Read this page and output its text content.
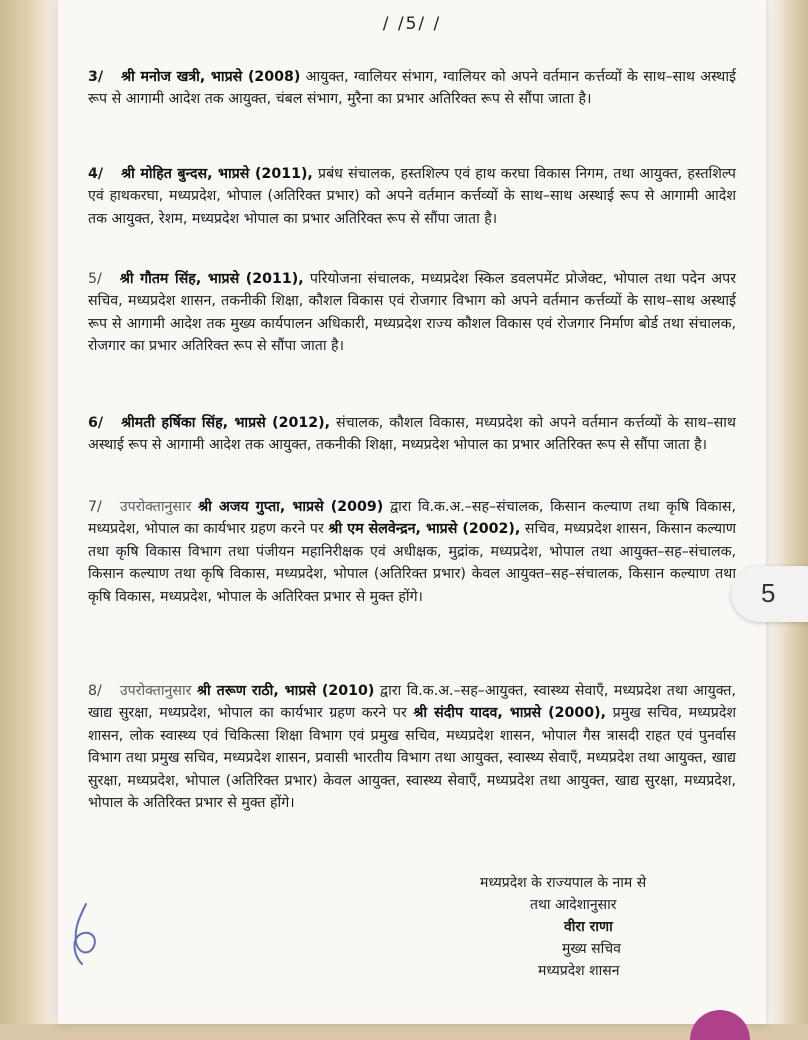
/ /5/ /
3/ श्री मनोज खत्री, भाप्रसे (2008) आयुक्त, ग्वालियर संभाग, ग्वालियर को अपने वर्तमान कर्त्तव्यों के साथ–साथ अस्थाई रूप से आगामी आदेश तक आयुक्त, चंबल संभाग, मुरैना का प्रभार अतिरिक्त रूप से सौंपा जाता है।
4/ श्री मोहित बुन्दस, भाप्रसे (2011), प्रबंध संचालक, हस्तशिल्प एवं हाथ करघा विकास निगम, तथा आयुक्त, हस्तशिल्प एवं हाथकरघा, मध्यप्रदेश, भोपाल (अतिरिक्त प्रभार) को अपने वर्तमान कर्त्तव्यों के साथ–साथ अस्थाई रूप से आगामी आदेश तक आयुक्त, रेशम, मध्यप्रदेश भोपाल का प्रभार अतिरिक्त रूप से सौंपा जाता है।
5/ श्री गौतम सिंह, भाप्रसे (2011), परियोजना संचालक, मध्यप्रदेश स्किल डवलपमेंट प्रोजेक्ट, भोपाल तथा पदेन अपर सचिव, मध्यप्रदेश शासन, तकनीकी शिक्षा, कौशल विकास एवं रोजगार विभाग को अपने वर्तमान कर्त्तव्यों के साथ–साथ अस्थाई रूप से आगामी आदेश तक मुख्य कार्यपालन अधिकारी, मध्यप्रदेश राज्य कौशल विकास एवं रोजगार निर्माण बोर्ड तथा संचालक, रोजगार का प्रभार अतिरिक्त रूप से सौंपा जाता है।
6/ श्रीमती हर्षिका सिंह, भाप्रसे (2012), संचालक, कौशल विकास, मध्यप्रदेश को अपने वर्तमान कर्त्तव्यों के साथ–साथ अस्थाई रूप से आगामी आदेश तक आयुक्त, तकनीकी शिक्षा, मध्यप्रदेश भोपाल का प्रभार अतिरिक्त रूप से सौंपा जाता है।
7/ उपरोक्तानुसार श्री अजय गुप्ता, भाप्रसे (2009) द्वारा वि.क.अ.–सह–संचालक, किसान कल्याण तथा कृषि विकास, मध्यप्रदेश, भोपाल का कार्यभार ग्रहण करने पर श्री एम सेलवेन्द्रन, भाप्रसे (2002), सचिव, मध्यप्रदेश शासन, किसान कल्याण तथा कृषि विकास विभाग तथा पंजीयन महानिरीक्षक एवं अधीक्षक, मुद्रांक, मध्यप्रदेश, भोपाल तथा आयुक्त–सह–संचालक, किसान कल्याण तथा कृषि विकास, मध्यप्रदेश, भोपाल (अतिरिक्त प्रभार) केवल आयुक्त–सह–संचालक, किसान कल्याण तथा कृषि विकास, मध्यप्रदेश, भोपाल के अतिरिक्त प्रभार से मुक्त होंगे।
8/ उपरोक्तानुसार श्री तरूण राठी, भाप्रसे (2010) द्वारा वि.क.अ.–सह–आयुक्त, स्वास्थ्य सेवाएँ, मध्यप्रदेश तथा आयुक्त, खाद्य सुरक्षा, मध्यप्रदेश, भोपाल का कार्यभार ग्रहण करने पर श्री संदीप यादव, भाप्रसे (2000), प्रमुख सचिव, मध्यप्रदेश शासन, लोक स्वास्थ्य एवं चिकित्सा शिक्षा विभाग एवं प्रमुख सचिव, मध्यप्रदेश शासन, भोपाल गैस त्रासदी राहत एवं पुनर्वास विभाग तथा प्रमुख सचिव, मध्यप्रदेश शासन, प्रवासी भारतीय विभाग तथा आयुक्त, स्वास्थ्य सेवाएँ, मध्यप्रदेश तथा आयुक्त, खाद्य सुरक्षा, मध्यप्रदेश, भोपाल (अतिरिक्त प्रभार) केवल आयुक्त, स्वास्थ्य सेवाएँ, मध्यप्रदेश तथा आयुक्त, खाद्य सुरक्षा, मध्यप्रदेश, भोपाल के अतिरिक्त प्रभार से मुक्त होंगे।
मध्यप्रदेश के राज्यपाल के नाम से
तथा आदेशानुसार
वीरा राणा
मुख्य सचिव
मध्यप्रदेश शासन
5
